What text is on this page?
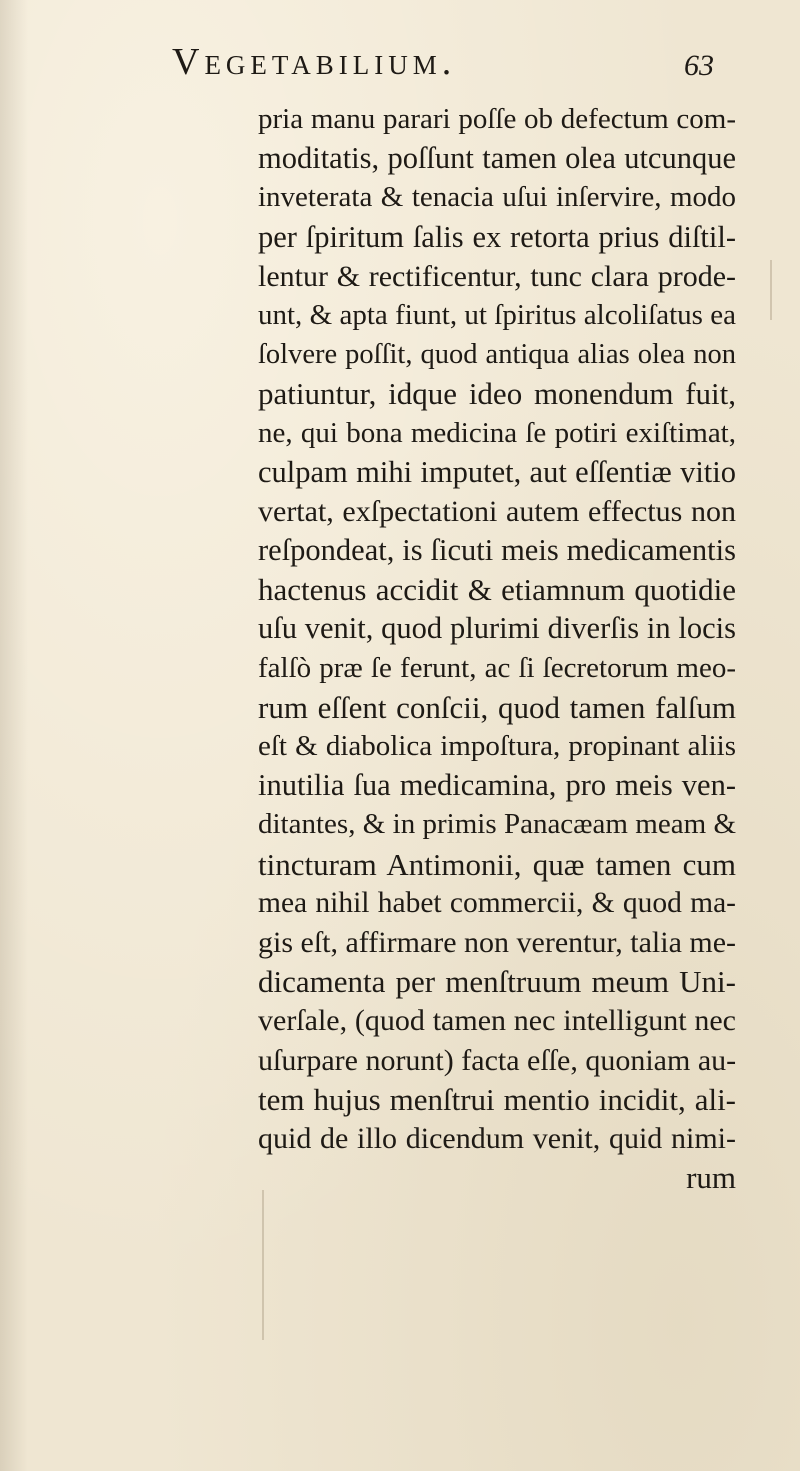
Vegetabilium.	63
pria manu parari poſſe ob defectum com-
moditatis, poſſunt tamen olea utcunque
inveterata & tenacia uſui inſervire, modo
per ſpiritum ſalis ex retorta prius diſtil-
lentur & rectificentur, tunc clara prode-
unt, & apta fiunt, ut ſpiritus alcoliſatus ea
ſolvere poſſit, quod antiqua alias olea non
patiuntur, idque ideo monendum fuit,
ne, qui bona medicina ſe potiri exiſtimat,
culpam mihi imputet, aut eſſentiæ vitio
vertat, exſpectationi autem effectus non
reſpondeat, is ſicuti meis medicamentis
hactenus accidit & etiamnum quotidie
uſu venit, quod plurimi diverſis in locis
falſò præ ſe ferunt, ac ſi ſecretorum meo-
rum eſſent conſcii, quod tamen falſum
eſt & diabolica impoſtura, propinant aliis
inutilia ſua medicamina, pro meis ven-
ditantes, & in primis Panacæam meam &
tincturam Antimonii, quæ tamen cum
mea nihil habet commercii, & quod ma-
gis eſt, affirmare non verentur, talia me-
dicamenta per menſtruum meum Uni-
verſale, (quod tamen nec intelligunt nec
uſurpare norunt) facta eſſe, quoniam au-
tem hujus menſtrui mentio incidit, ali-
quid de illo dicendum venit, quid nimi-
rum
